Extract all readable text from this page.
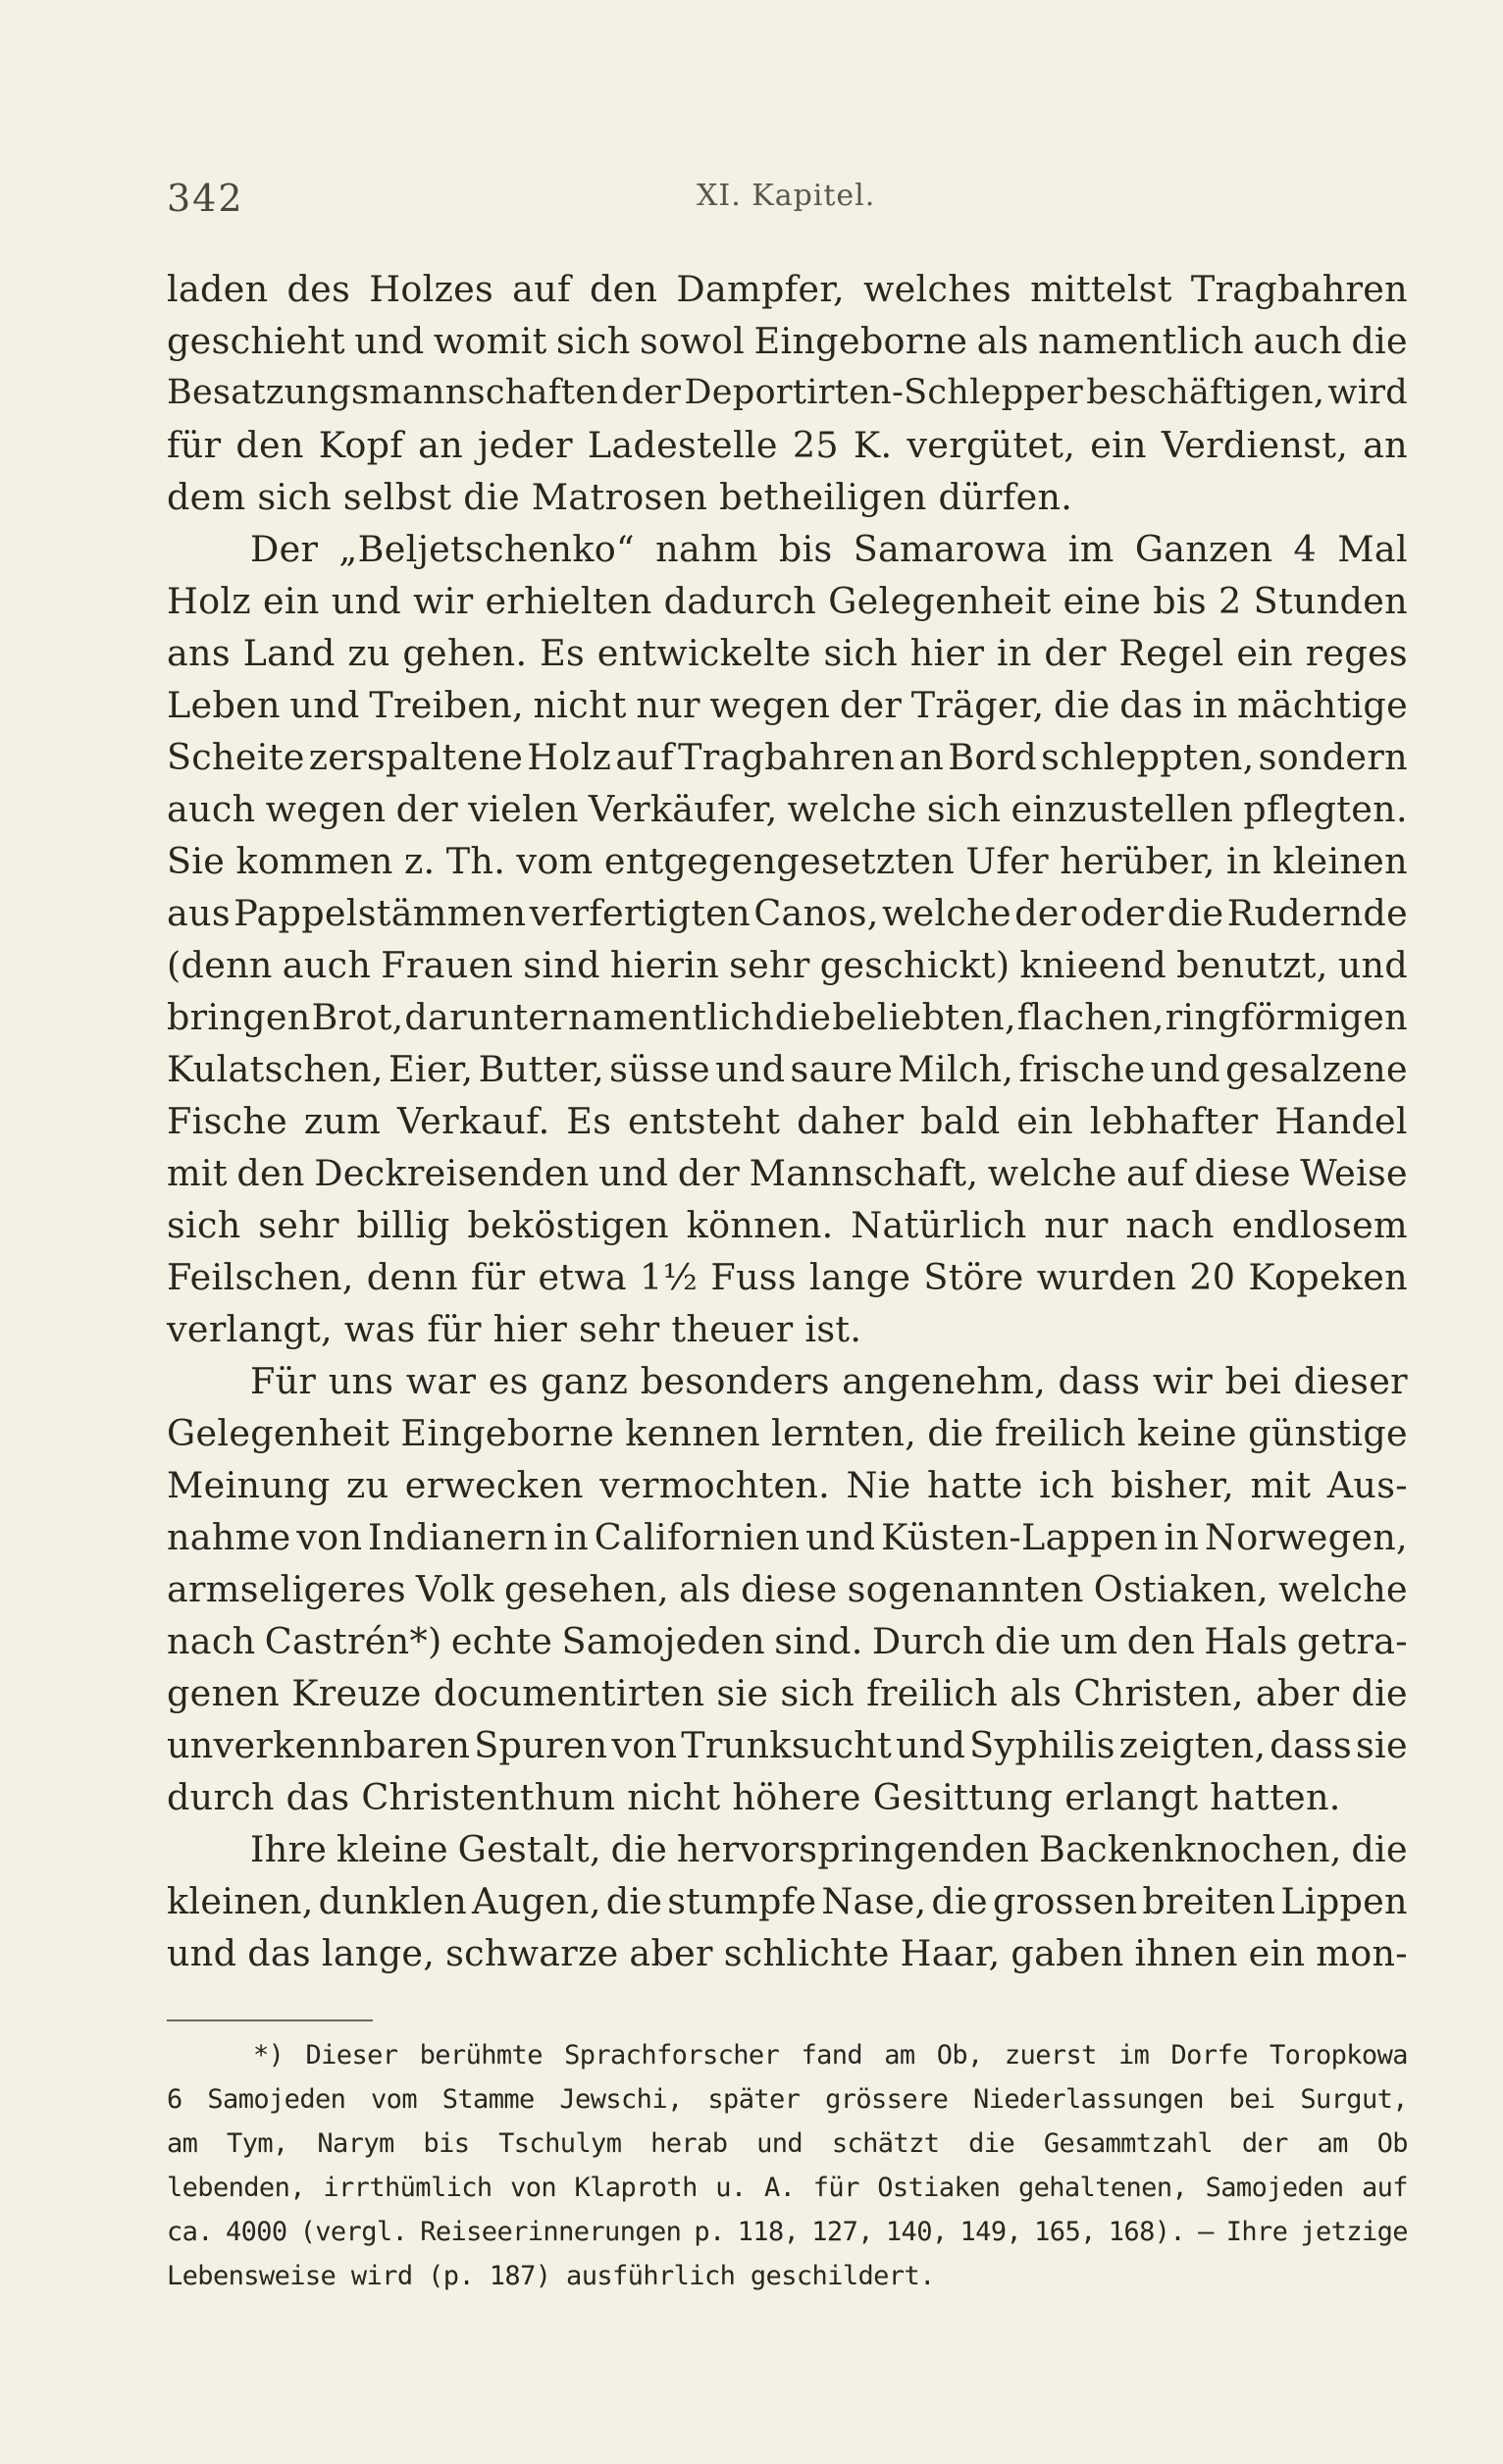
342	XI. Kapitel.
laden des Holzes auf den Dampfer, welches mittelst Tragbahren
geschieht und womit sich sowol Eingeborne als namentlich auch die
Besatzungsmannschaften der Deportirten-Schlepper beschäftigen, wird
für den Kopf an jeder Ladestelle 25 K. vergütet, ein Verdienst, an
dem sich selbst die Matrosen betheiligen dürfen.
Der „Beljetschenko“ nahm bis Samarowa im Ganzen 4 Mal
Holz ein und wir erhielten dadurch Gelegenheit eine bis 2 Stunden
ans Land zu gehen. Es entwickelte sich hier in der Regel ein reges
Leben und Treiben, nicht nur wegen der Träger, die das in mächtige
Scheite zerspaltene Holz auf Tragbahren an Bord schleppten, sondern
auch wegen der vielen Verkäufer, welche sich einzustellen pflegten.
Sie kommen z. Th. vom entgegengesetzten Ufer herüber, in kleinen
aus Pappelstämmen verfertigten Canos, welche der oder die Rudernde
(denn auch Frauen sind hierin sehr geschickt) knieend benutzt, und
bringen Brot, darunter namentlich die beliebten, flachen, ringförmigen
Kulatschen, Eier, Butter, süsse und saure Milch, frische und gesalzene
Fische zum Verkauf. Es entsteht daher bald ein lebhafter Handel
mit den Deckreisenden und der Mannschaft, welche auf diese Weise
sich sehr billig beköstigen können. Natürlich nur nach endlosem
Feilschen, denn für etwa 1½ Fuss lange Störe wurden 20 Kopeken
verlangt, was für hier sehr theuer ist.
Für uns war es ganz besonders angenehm, dass wir bei dieser
Gelegenheit Eingeborne kennen lernten, die freilich keine günstige
Meinung zu erwecken vermochten. Nie hatte ich bisher, mit Aus-
nahme von Indianern in Californien und Küsten-Lappen in Norwegen,
armseligeres Volk gesehen, als diese sogenannten Ostiaken, welche
nach Castrén*) echte Samojeden sind. Durch die um den Hals getra-
genen Kreuze documentirten sie sich freilich als Christen, aber die
unverkennbaren Spuren von Trunksucht und Syphilis zeigten, dass sie
durch das Christenthum nicht höhere Gesittung erlangt hatten.
Ihre kleine Gestalt, die hervorspringenden Backenknochen, die
kleinen, dunklen Augen, die stumpfe Nase, die grossen breiten Lippen
und das lange, schwarze aber schlichte Haar, gaben ihnen ein mon-
*) Dieser berühmte Sprachforscher fand am Ob, zuerst im Dorfe Toropkowa
6 Samojeden vom Stamme Jewschi, später grössere Niederlassungen bei Surgut,
am Tym, Narym bis Tschulym herab und schätzt die Gesammtzahl der am Ob
lebenden, irrthümlich von Klaproth u. A. für Ostiaken gehaltenen, Samojeden auf
ca. 4000 (vergl. Reiseerinnerungen p. 118, 127, 140, 149, 165, 168). — Ihre jetzige
Lebensweise wird (p. 187) ausführlich geschildert.
